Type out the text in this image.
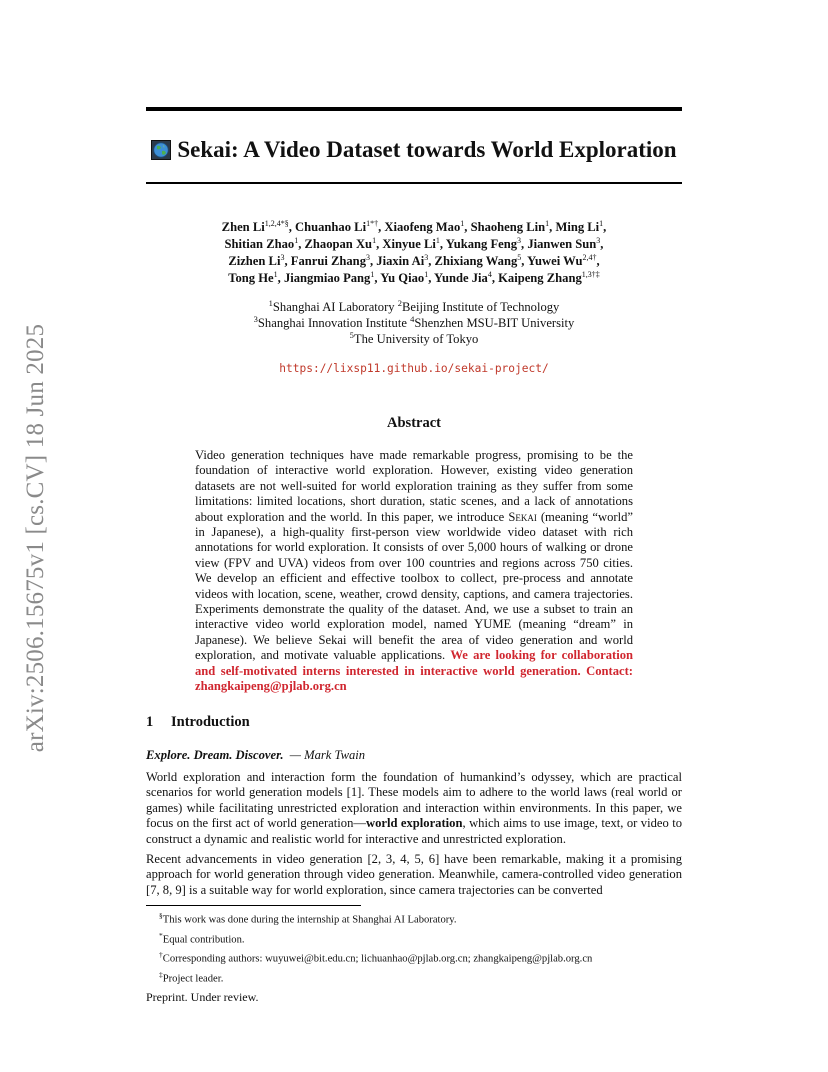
arXiv:2506.15675v1 [cs.CV] 18 Jun 2025
Sekai: A Video Dataset towards World Exploration
Zhen $Li^{1,2,4*\S}$, Chuanhao $Li^{1*\dagger}$, Xiaofeng Mao$^1$, Shaoheng Lin$^1$, Ming Li$^1$,
Shitian Zhao$^1$, Zhaopan Xu$^1$, Xinyue Li$^1$, Yukang Feng$^3$, Jianwen Sun$^3$,
Zizhen Li$^3$, Fanrui Zhang$^3$, Jiaxin Ai$^3$, Zhixiang Wang$^5$, Yuwei $Wu^{2,4\dagger}$,
Tong He$^1$, Jiangmiao Pang$^1$, Yu Qiao$^1$, Yunde Jia$^4$, Kaipeng Zhang$^{1,3\dagger\ddagger}$
$^1$Shanghai AI Laboratory $^2$Beijing Institute of Technology
$^3$Shanghai Innovation Institute $^4$Shenzhen MSU-BIT University
$^5$The University of Tokyo
https://lixsp11.github.io/sekai-project/
Abstract
Video generation techniques have made remarkable progress, promising to be the foundation of interactive world exploration. However, existing video generation datasets are not well-suited for world exploration training as they suffer from some limitations: limited locations, short duration, static scenes, and a lack of annotations about exploration and the world. In this paper, we introduce Sekai (meaning “world” in Japanese), a high-quality first-person view worldwide video dataset with rich annotations for world exploration. It consists of over 5,000 hours of walking or drone view (FPV and UVA) videos from over 100 countries and regions across 750 cities. We develop an efficient and effective toolbox to collect, pre-process and annotate videos with location, scene, weather, crowd density, captions, and camera trajectories. Experiments demonstrate the quality of the dataset. And, we use a subset to train an interactive video world exploration model, named YUME (meaning “dream” in Japanese). We believe Sekai will benefit the area of video generation and world exploration, and motivate valuable applications. We are looking for collaboration and self-motivated interns interested in interactive world generation. Contact: zhangkaipeng@pjlab.org.cn
1 Introduction
Explore. Dream. Discover. — Mark Twain
World exploration and interaction form the foundation of humankind’s odyssey, which are practical scenarios for world generation models [1]. These models aim to adhere to the world laws (real world or games) while facilitating unrestricted exploration and interaction within environments. In this paper, we focus on the first act of world generation—world exploration, which aims to use image, text, or video to construct a dynamic and realistic world for interactive and unrestricted exploration.
Recent advancements in video generation [2, 3, 4, 5, 6] have been remarkable, making it a promising approach for world generation through video generation. Meanwhile, camera-controlled video generation [7, 8, 9] is a suitable way for world exploration, since camera trajectories can be converted
§This work was done during the internship at Shanghai AI Laboratory.
*Equal contribution.
†Corresponding authors: wuyuwei@bit.edu.cn; lichuanhao@pjlab.org.cn; zhangkaipeng@pjlab.org.cn
‡Project leader.
Preprint. Under review.
